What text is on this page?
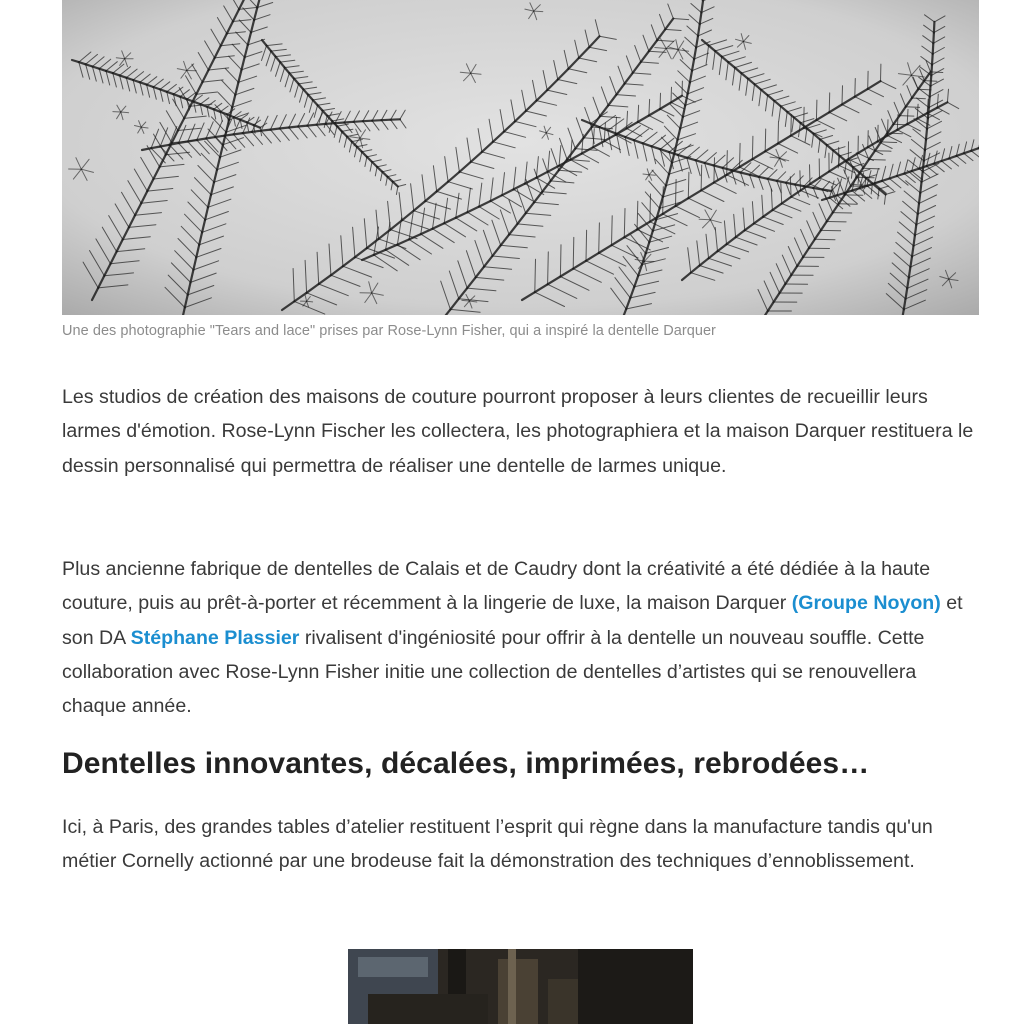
Une des photographie "Tears and lace" prises par Rose-Lynn Fisher, qui a inspiré la dentelle Darquer

Les studios de création des maisons de couture pourront proposer à leurs clientes de recueillir leurs larmes d'émotion. Rose-Lynn Fischer les collectera, les photographiera et la maison Darquer restituera le dessin personnalisé qui permettra de réaliser une dentelle de larmes unique.

Plus ancienne fabrique de dentelles de Calais et de Caudry dont la créativité a été dédiée à la haute couture, puis au prêt-à-porter et récemment à la lingerie de luxe, la maison Darquer (Groupe Noyon) et son DA Stéphane Plassier rivalisent d'ingéniosité pour offrir à la dentelle un nouveau souffle. Cette collaboration avec Rose-Lynn Fisher initie une collection de dentelles d’artistes qui se renouvellera chaque année.

Dentelles innovantes, décalées, imprimées, rebrodées…

Ici, à Paris, des grandes tables d’atelier restituent l’esprit qui règne dans la manufacture tandis qu'un métier Cornelly actionné par une brodeuse fait la démonstration des techniques d’ennoblissement.
